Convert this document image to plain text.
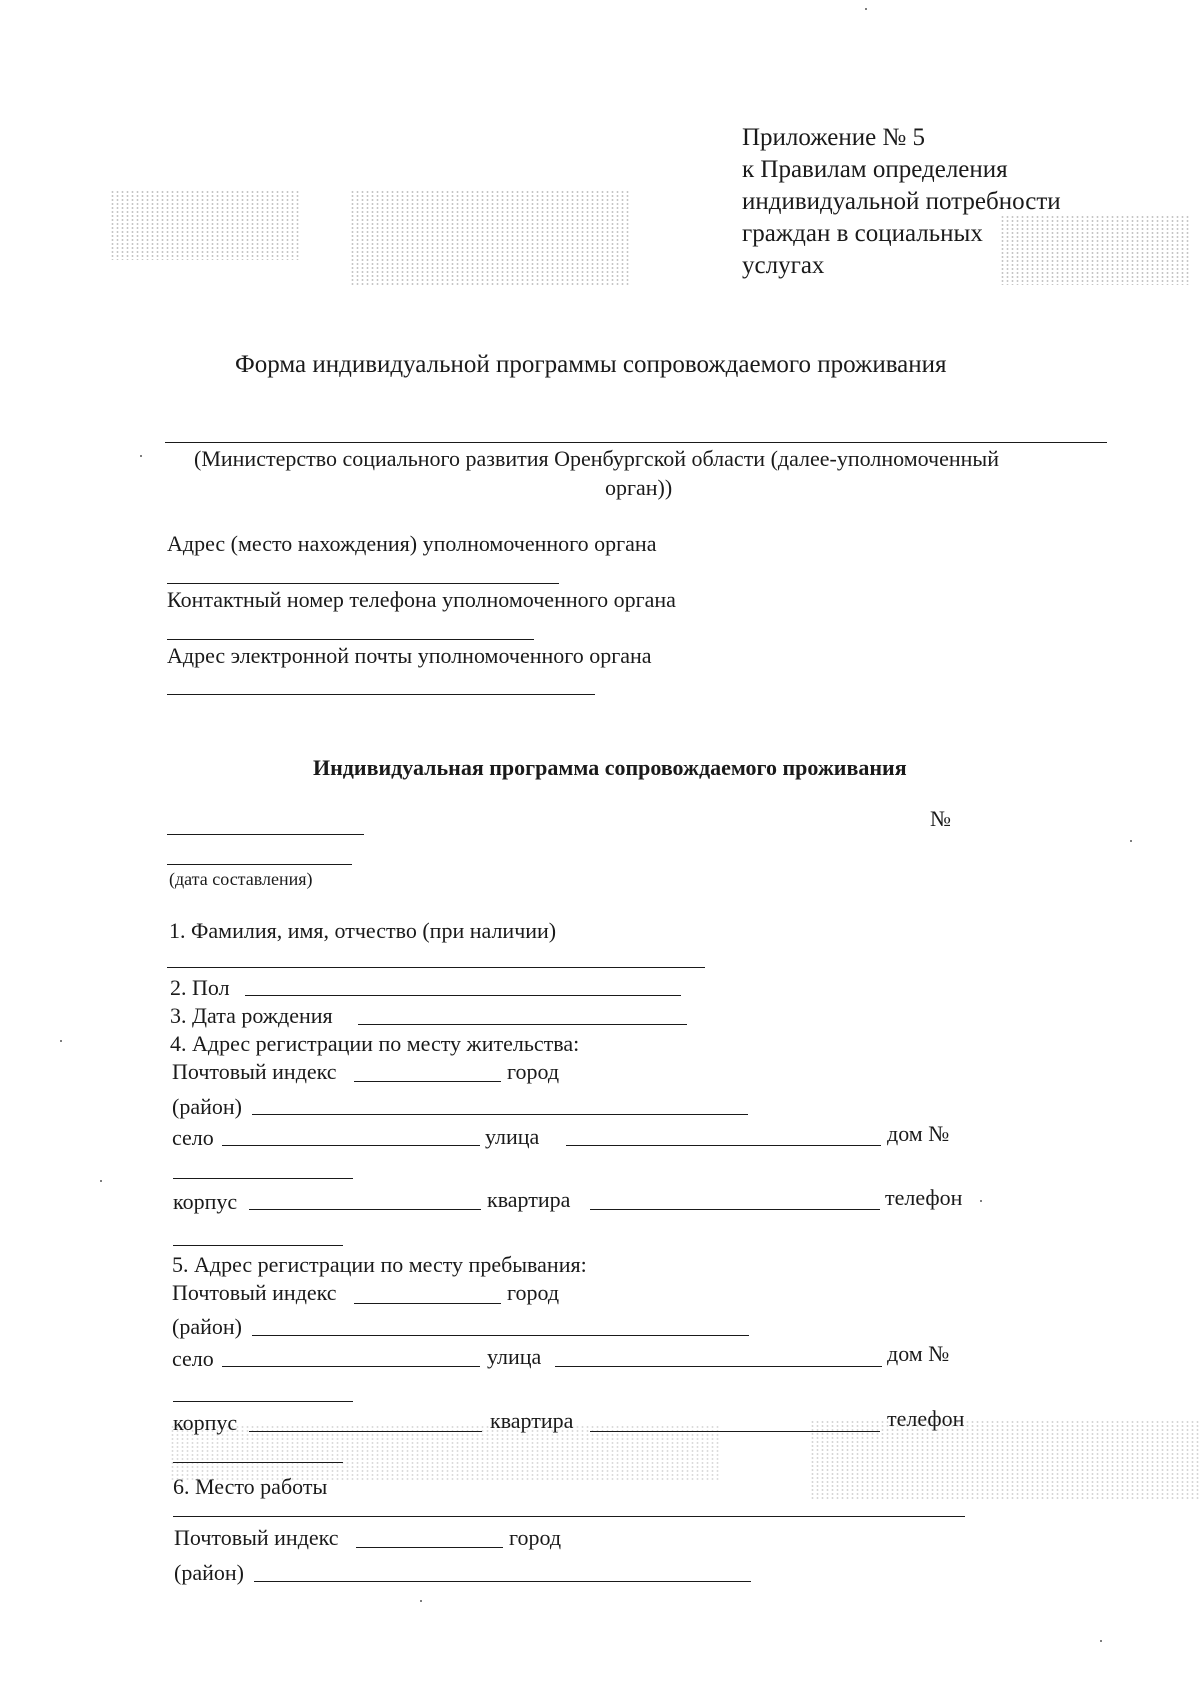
Приложение № 5
к Правилам определения
индивидуальной потребности
граждан в социальных
услугах
Форма индивидуальной программы сопровождаемого проживания
(Министерство социального развития Оренбургской области (далее-уполномоченный
орган))
Адрес (место нахождения) уполномоченного органа
Контактный номер телефона уполномоченного органа
Адрес электронной почты уполномоченного органа
Индивидуальная программа сопровождаемого проживания
№
(дата составления)
1. Фамилия, имя, отчество (при наличии)
2. Пол
3. Дата рождения
4. Адрес регистрации по месту жительства:
Почтовый индекс	город
(район)
село	улица	дом №
корпус	квартира	телефон
5. Адрес регистрации по месту пребывания:
Почтовый индекс	город
(район)
село	улица	дом №
корпус	квартира	телефон
6. Место работы
Почтовый индекс	город
(район)
